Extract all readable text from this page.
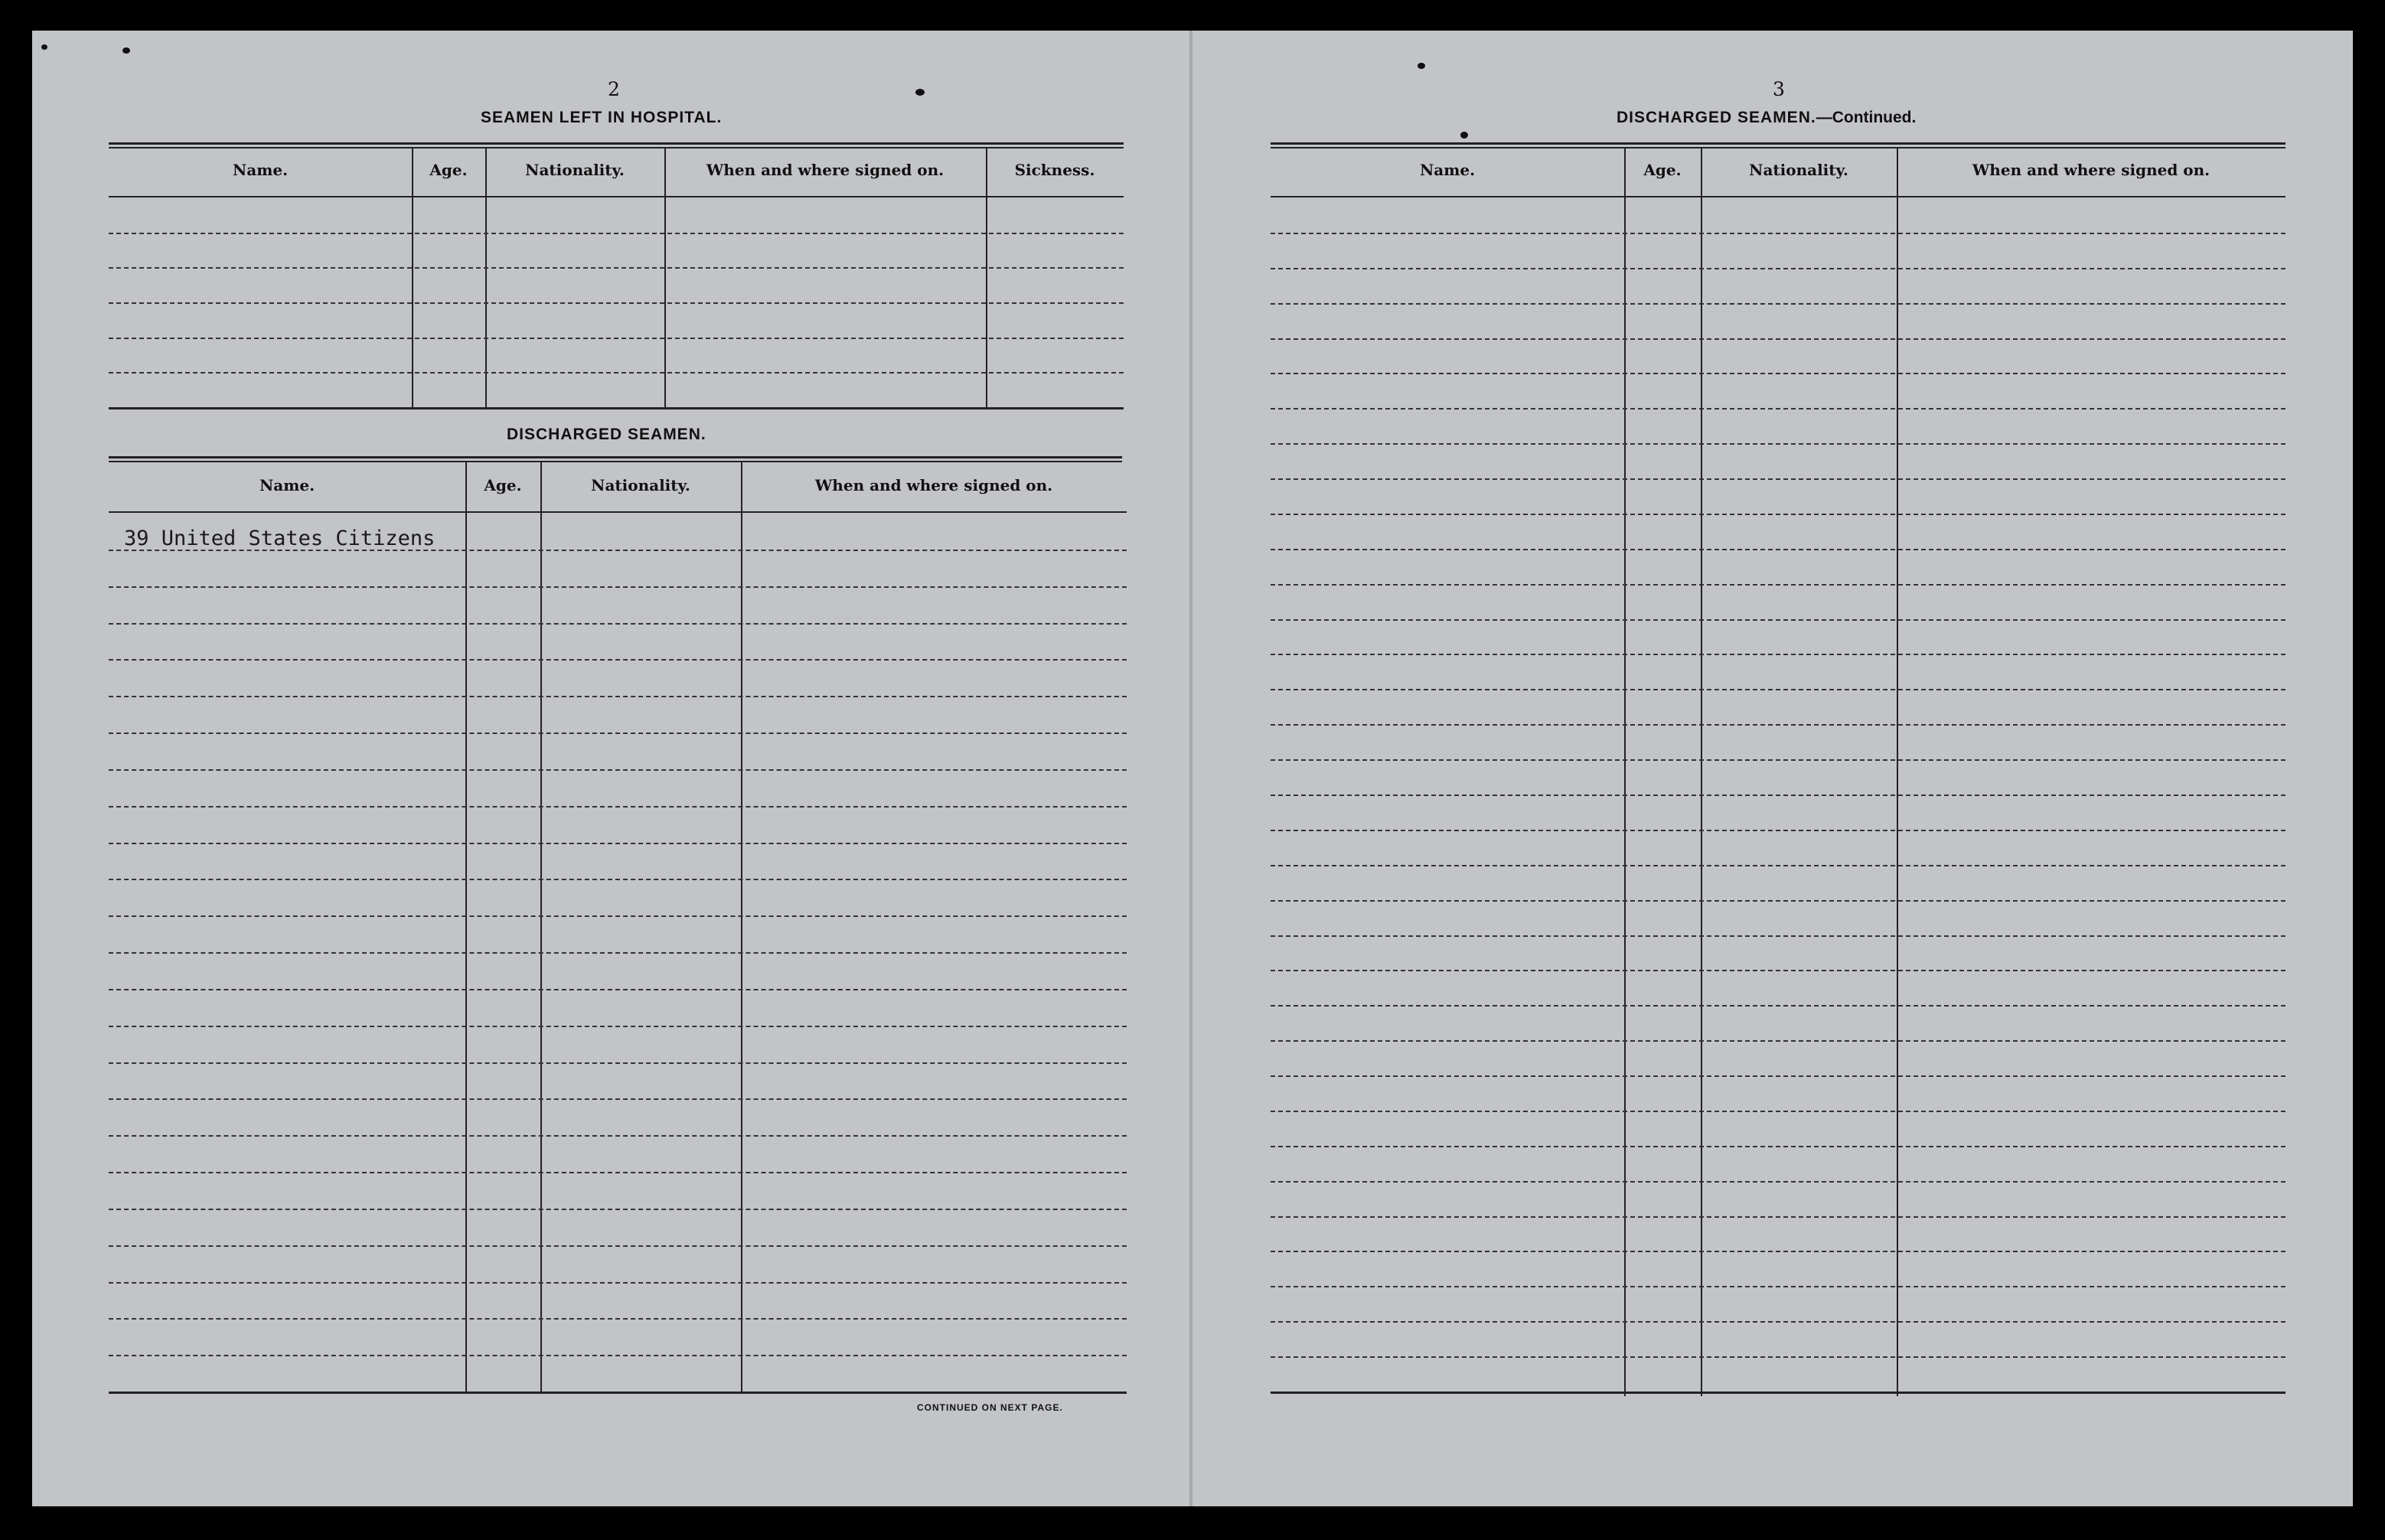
2
SEAMEN LEFT IN HOSPITAL.
Name.	Age.	Nationality.	When and where signed on.	Sickness.
DISCHARGED SEAMEN.
Name.	Age.	Nationality.	When and where signed on.
39 United States Citizens
CONTINUED ON NEXT PAGE.
3
DISCHARGED SEAMEN.—Continued.
Name.	Age.	Nationality.	When and where signed on.
